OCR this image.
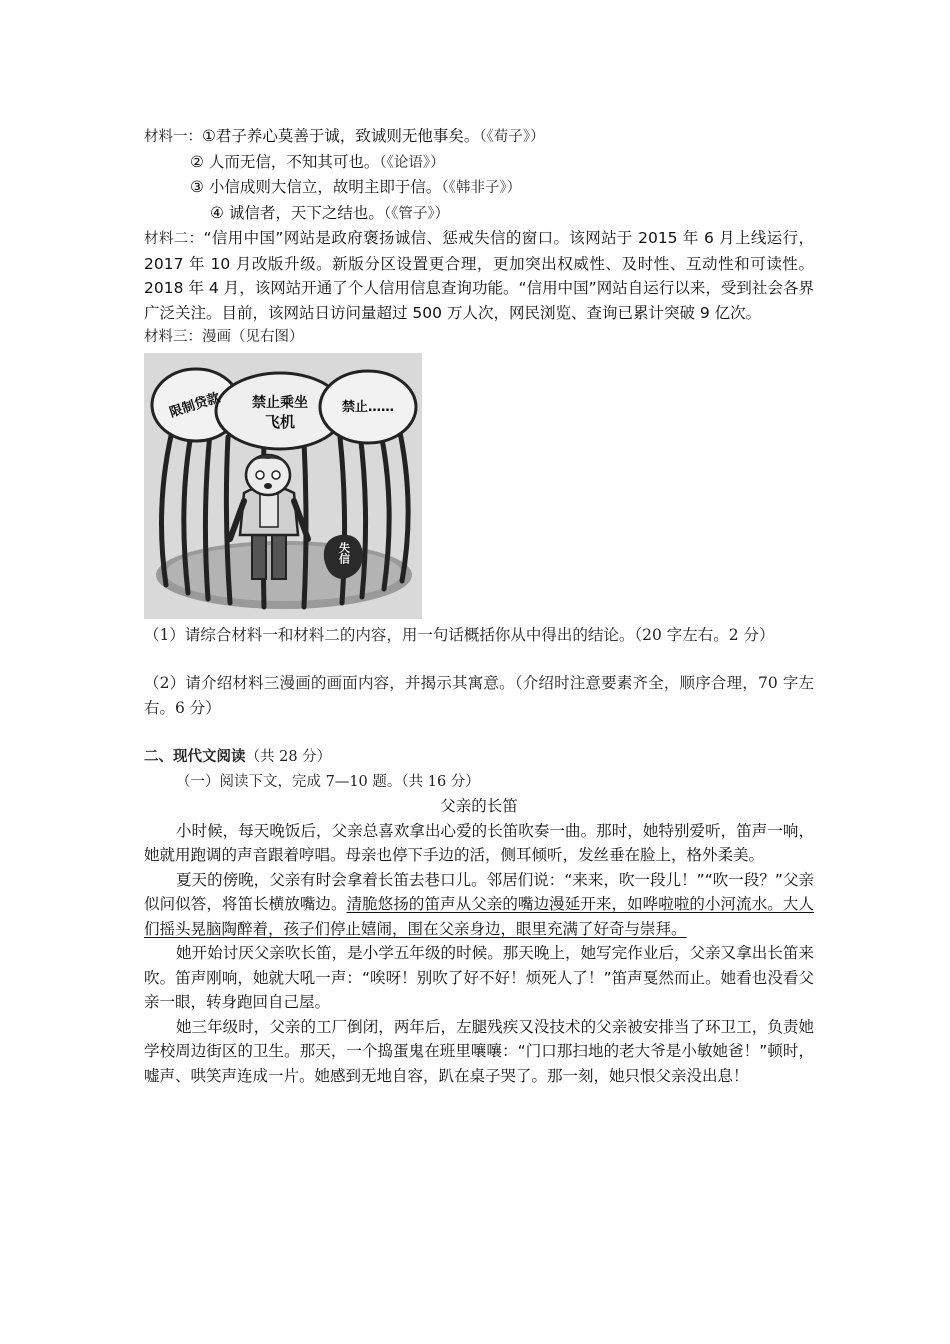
材料一：①君子养心莫善于诚，致诚则无他事矣。（《荀子》）
② 人而无信，不知其可也。（《论语》）
③ 小信成则大信立，故明主即于信。（《韩非子》）
④ 诚信者，天下之结也。（《管子》）
材料二：“信用中国”网站是政府褒扬诚信、惩戒失信的窗口。该网站于 2015 年 6 月上线运行，2017 年 10 月改版升级。新版分区设置更合理，更加突出权威性、及时性、互动性和可读性。2018 年 4 月，该网站开通了个人信用信息查询功能。“信用中国”网站自运行以来，受到社会各界广泛关注。目前，该网站日访问量超过 500 万人次，网民浏览、查询已累计突破 9 亿次。
材料三：漫画（见右图）
限制贷款 禁止乘坐
飞机
禁止……
失信
（1）请综合材料一和材料二的内容，用一句话概括你从中得出的结论。（20 字左右。2 分）
（2）请介绍材料三漫画的画面内容，并揭示其寓意。（介绍时注意要素齐全，顺序合理，70 字左右。6 分）
二、现代文阅读（共 28 分）
（一）阅读下文，完成 7—10 题。（共 16 分）
父亲的长笛
小时候，每天晚饭后，父亲总喜欢拿出心爱的长笛吹奏一曲。那时，她特别爱听，笛声一响，她就用跑调的声音跟着哼唱。母亲也停下手边的活，侧耳倾听，发丝垂在脸上，格外柔美。
夏天的傍晚，父亲有时会拿着长笛去巷口儿。邻居们说：“来来，吹一段儿！”“吹一段？”父亲似问似答，将笛长横放嘴边。清脆悠扬的笛声从父亲的嘴边漫延开来，如哗啦啦的小河流水。大人们摇头晃脑陶醉着，孩子们停止嬉闹，围在父亲身边，眼里充满了好奇与崇拜。
她开始讨厌父亲吹长笛，是小学五年级的时候。那天晚上，她写完作业后，父亲又拿出长笛来吹。笛声刚响，她就大吼一声：“唉呀！别吹了好不好！烦死人了！”笛声戛然而止。她看也没看父亲一眼，转身跑回自己屋。
她三年级时，父亲的工厂倒闭，两年后，左腿残疾又没技术的父亲被安排当了环卫工，负责她学校周边街区的卫生。那天，一个捣蛋鬼在班里嚷嚷：“门口那扫地的老大爷是小敏她爸！”顿时，嘘声、哄笑声连成一片。她感到无地自容，趴在桌子哭了。那一刻，她只恨父亲没出息！
